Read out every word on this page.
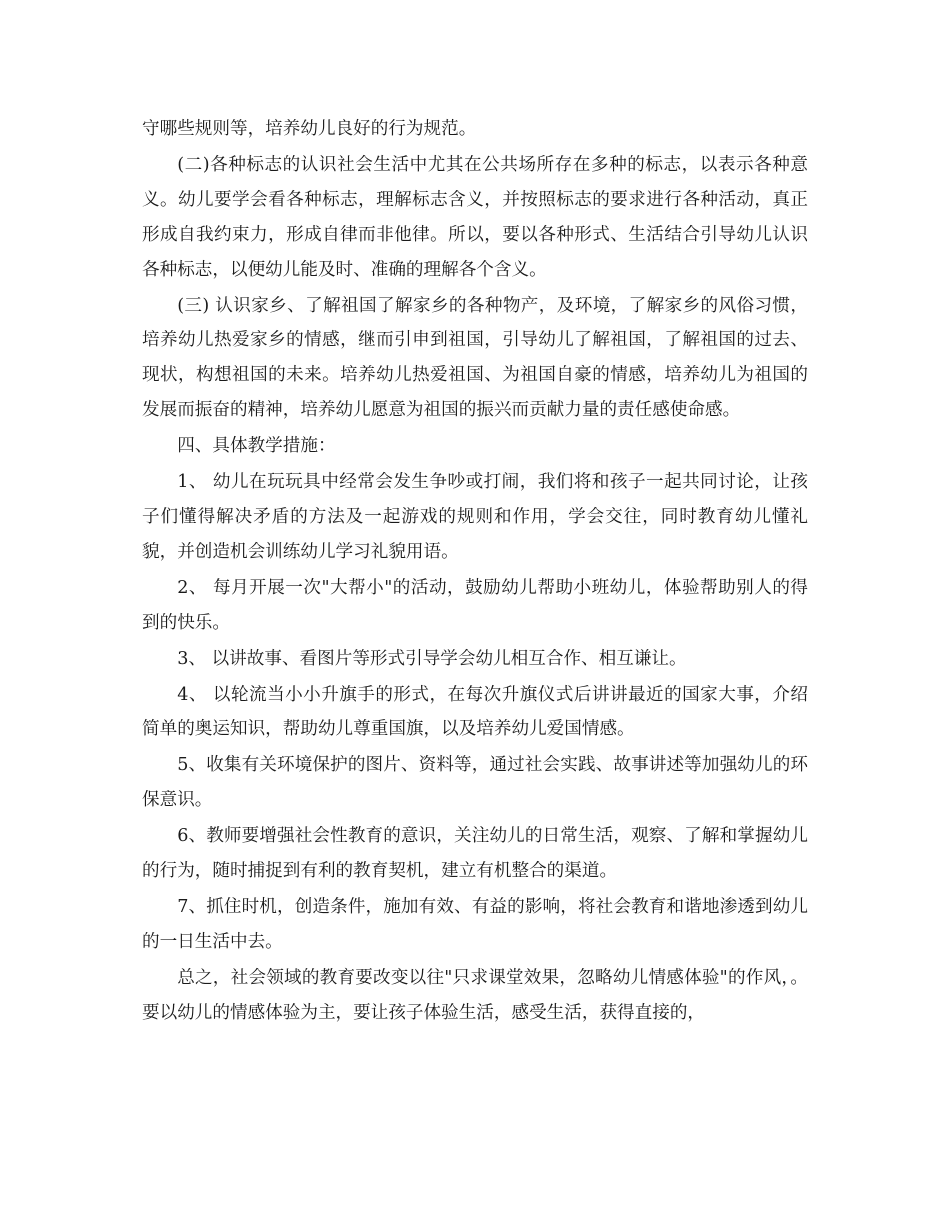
守哪些规则等，培养幼儿良好的行为规范。

(二)各种标志的认识社会生活中尤其在公共场所存在多种的标志，以表示各种意义。幼儿要学会看各种标志，理解标志含义，并按照标志的要求进行各种活动，真正形成自我约束力，形成自律而非他律。所以，要以各种形式、生活结合引导幼儿认识各种标志，以便幼儿能及时、准确的理解各个含义。

(三) 认识家乡、了解祖国了解家乡的各种物产，及环境，了解家乡的风俗习惯，培养幼儿热爱家乡的情感，继而引申到祖国，引导幼儿了解祖国，了解祖国的过去、现状，构想祖国的未来。培养幼儿热爱祖国、为祖国自豪的情感，培养幼儿为祖国的发展而振奋的精神，培养幼儿愿意为祖国的振兴而贡献力量的责任感使命感。

四、具体教学措施：

1、 幼儿在玩玩具中经常会发生争吵或打闹，我们将和孩子一起共同讨论，让孩子们懂得解决矛盾的方法及一起游戏的规则和作用，学会交往，同时教育幼儿懂礼貌，并创造机会训练幼儿学习礼貌用语。

2、 每月开展一次"大帮小"的活动，鼓励幼儿帮助小班幼儿，体验帮助别人的得到的快乐。

3、 以讲故事、看图片等形式引导学会幼儿相互合作、相互谦让。

4、 以轮流当小小升旗手的形式，在每次升旗仪式后讲讲最近的国家大事，介绍简单的奥运知识，帮助幼儿尊重国旗，以及培养幼儿爱国情感。

5、收集有关环境保护的图片、资料等，通过社会实践、故事讲述等加强幼儿的环保意识。

6、教师要增强社会性教育的意识，关注幼儿的日常生活，观察、了解和掌握幼儿的行为，随时捕捉到有利的教育契机，建立有机整合的渠道。

7、抓住时机，创造条件，施加有效、有益的影响，将社会教育和谐地渗透到幼儿的一日生活中去。

总之，社会领域的教育要改变以往"只求课堂效果，忽略幼儿情感体验"的作风，。要以幼儿的情感体验为主，要让孩子体验生活，感受生活，获得直接的，
